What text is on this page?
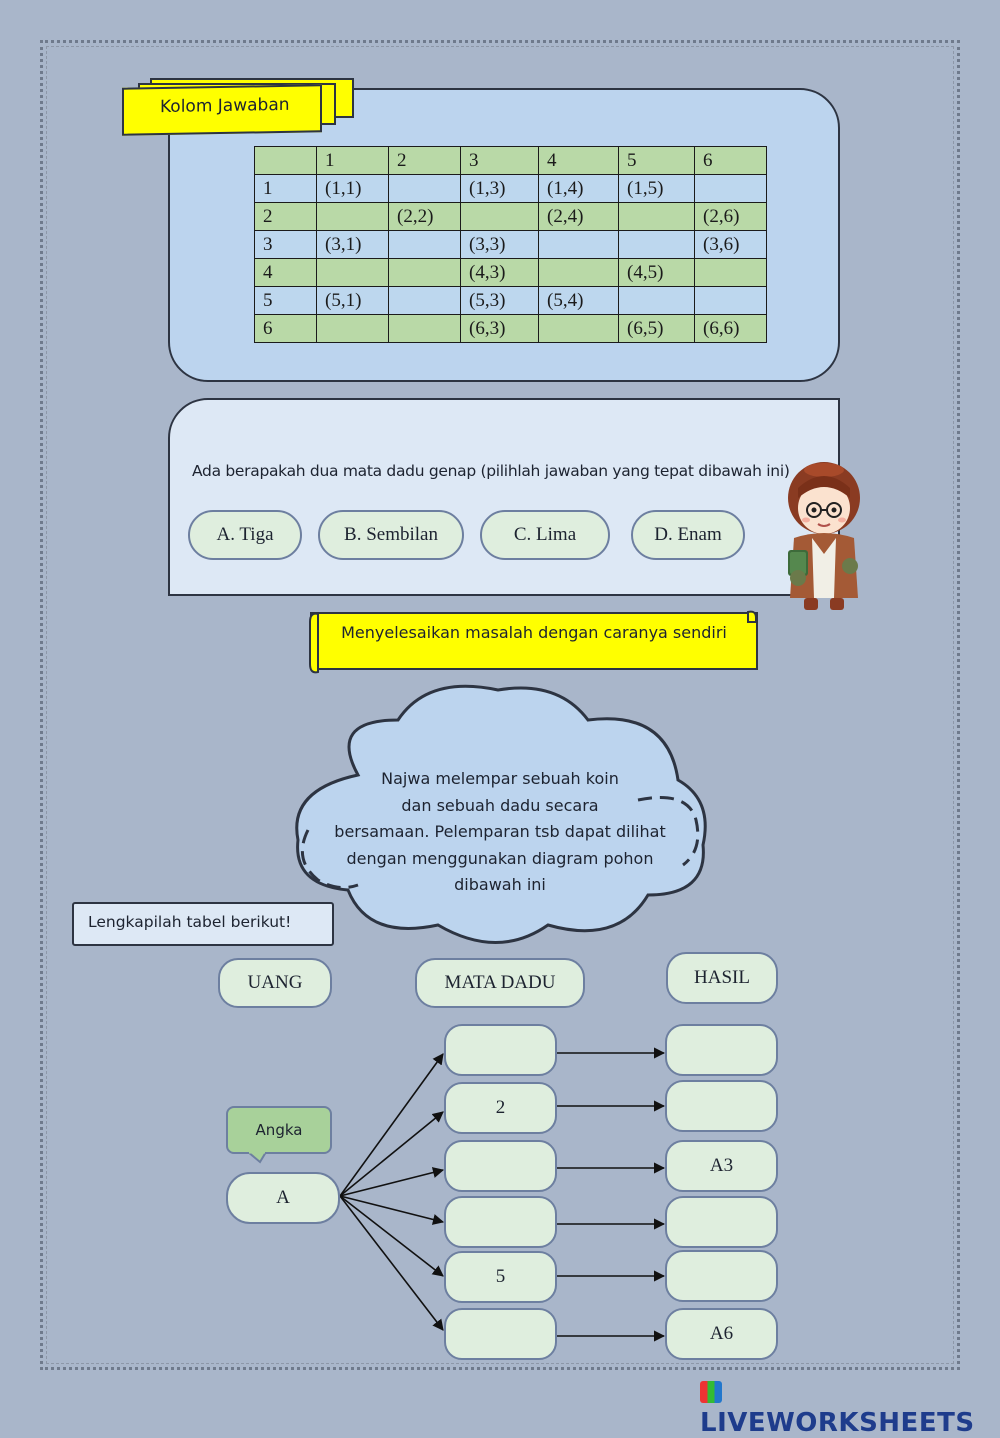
Kolom Jawaban
	1	2	3	4	5	6
1	(1,1)		(1,3)	(1,4)	(1,5)	
2		(2,2)		(2,4)		(2,6)
3	(3,1)		(3,3)			(3,6)
4			(4,3)		(4,5)	
5	(5,1)		(5,3)	(5,4)		
6			(6,3)		(6,5)	(6,6)
Ada berapakah dua mata dadu genap (pilihlah jawaban yang tepat dibawah ini)
A. Tiga	B. Sembilan	C. Lima	D. Enam
Menyelesaikan masalah dengan caranya sendiri
Najwa melempar sebuah koin
dan sebuah dadu secara
bersamaan. Pelemparan tsb dapat dilihat
dengan menggunakan diagram pohon
dibawah ini
Lengkapilah tabel berikut!
UANG	MATA DADU	HASIL
Angka
A
2
5
A3
A6
LIVEWORKSHEETS
